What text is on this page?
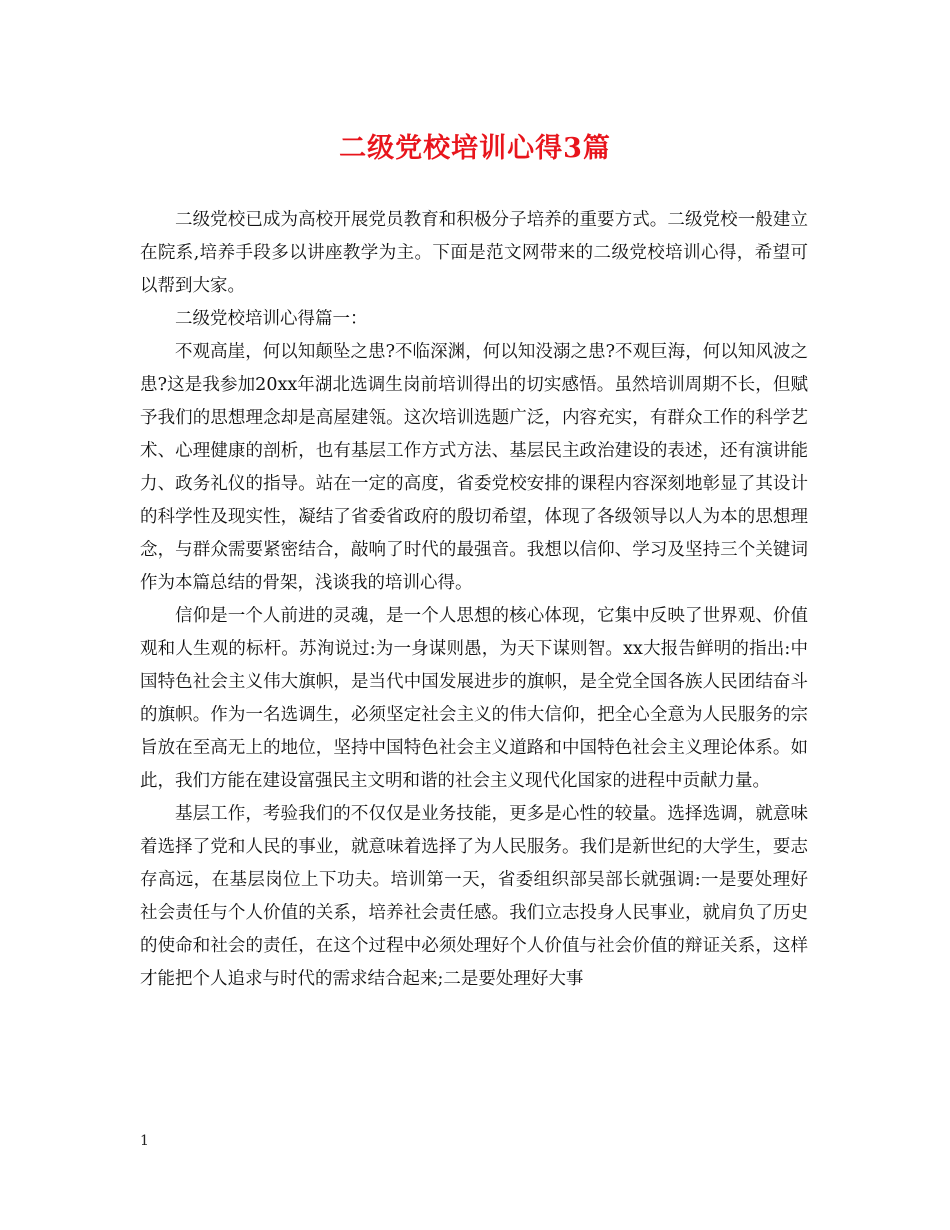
二级党校培训心得3篇

二级党校已成为高校开展党员教育和积极分子培养的重要方式。二级党校一般建立在院系,培养手段多以讲座教学为主。下面是范文网带来的二级党校培训心得，希望可以帮到大家。

二级党校培训心得篇一：

不观高崖，何以知颠坠之患?不临深渊，何以知没溺之患?不观巨海，何以知风波之患?这是我参加20xx年湖北选调生岗前培训得出的切实感悟。虽然培训周期不长，但赋予我们的思想理念却是高屋建瓴。这次培训选题广泛，内容充实，有群众工作的科学艺术、心理健康的剖析，也有基层工作方式方法、基层民主政治建设的表述，还有演讲能力、政务礼仪的指导。站在一定的高度，省委党校安排的课程内容深刻地彰显了其设计的科学性及现实性，凝结了省委省政府的殷切希望，体现了各级领导以人为本的思想理念，与群众需要紧密结合，敲响了时代的最强音。我想以信仰、学习及坚持三个关键词作为本篇总结的骨架，浅谈我的培训心得。

信仰是一个人前进的灵魂，是一个人思想的核心体现，它集中反映了世界观、价值观和人生观的标杆。苏洵说过:为一身谋则愚，为天下谋则智。xx大报告鲜明的指出:中国特色社会主义伟大旗帜，是当代中国发展进步的旗帜，是全党全国各族人民团结奋斗的旗帜。作为一名选调生，必须坚定社会主义的伟大信仰，把全心全意为人民服务的宗旨放在至高无上的地位，坚持中国特色社会主义道路和中国特色社会主义理论体系。如此，我们方能在建设富强民主文明和谐的社会主义现代化国家的进程中贡献力量。

基层工作，考验我们的不仅仅是业务技能，更多是心性的较量。选择选调，就意味着选择了党和人民的事业，就意味着选择了为人民服务。我们是新世纪的大学生，要志存高远，在基层岗位上下功夫。培训第一天，省委组织部吴部长就强调:一是要处理好社会责任与个人价值的关系，培养社会责任感。我们立志投身人民事业，就肩负了历史的使命和社会的责任，在这个过程中必须处理好个人价值与社会价值的辩证关系，这样才能把个人追求与时代的需求结合起来;二是要处理好大事

1
